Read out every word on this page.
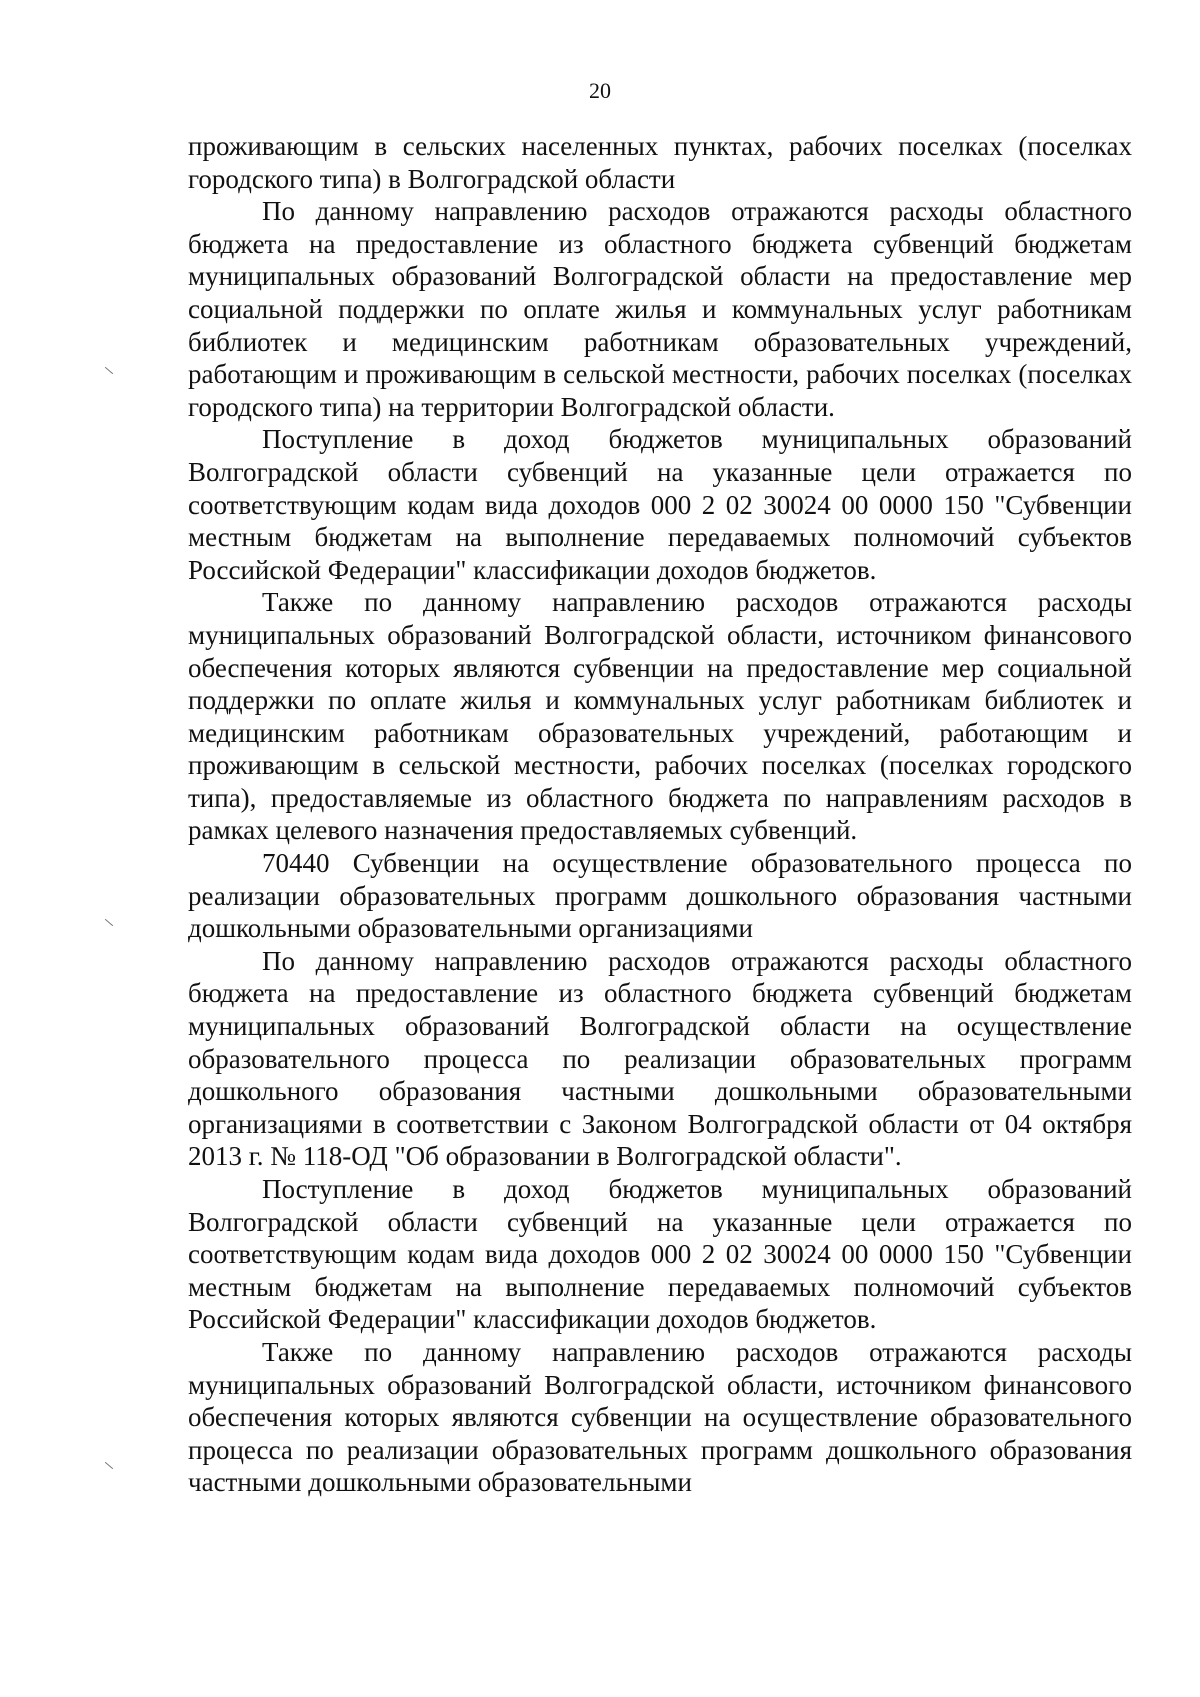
20

проживающим в сельских населенных пунктах, рабочих поселках (поселках городского типа) в Волгоградской области

По данному направлению расходов отражаются расходы областного бюджета на предоставление из областного бюджета субвенций бюджетам муниципальных образований Волгоградской области на предоставление мер социальной поддержки по оплате жилья и коммунальных услуг работникам библиотек и медицинским работникам образовательных учреждений, работающим и проживающим в сельской местности, рабочих поселках (поселках городского типа) на территории Волгоградской области.

Поступление в доход бюджетов муниципальных образований Волгоградской области субвенций на указанные цели отражается по соответствующим кодам вида доходов 000 2 02 30024 00 0000 150 "Субвенции местным бюджетам на выполнение передаваемых полномочий субъектов Российской Федерации" классификации доходов бюджетов.

Также по данному направлению расходов отражаются расходы муниципальных образований Волгоградской области, источником финансового обеспечения которых являются субвенции на предоставление мер социальной поддержки по оплате жилья и коммунальных услуг работникам библиотек и медицинским работникам образовательных учреждений, работающим и проживающим в сельской местности, рабочих поселках (поселках городского типа), предоставляемые из областного бюджета по направлениям расходов в рамках целевого назначения предоставляемых субвенций.

70440 Субвенции на осуществление образовательного процесса по реализации образовательных программ дошкольного образования частными дошкольными образовательными организациями

По данному направлению расходов отражаются расходы областного бюджета на предоставление из областного бюджета субвенций бюджетам муниципальных образований Волгоградской области на осуществление образовательного процесса по реализации образовательных программ дошкольного образования частными дошкольными образовательными организациями в соответствии с Законом Волгоградской области от 04 октября 2013 г. № 118-ОД "Об образовании в Волгоградской области".

Поступление в доход бюджетов муниципальных образований Волгоградской области субвенций на указанные цели отражается по соответствующим кодам вида доходов 000 2 02 30024 00 0000 150 "Субвенции местным бюджетам на выполнение передаваемых полномочий субъектов Российской Федерации" классификации доходов бюджетов.

Также по данному направлению расходов отражаются расходы муниципальных образований Волгоградской области, источником финансового обеспечения которых являются субвенции на осуществление образовательного процесса по реализации образовательных программ дошкольного образования частными дошкольными образовательными
